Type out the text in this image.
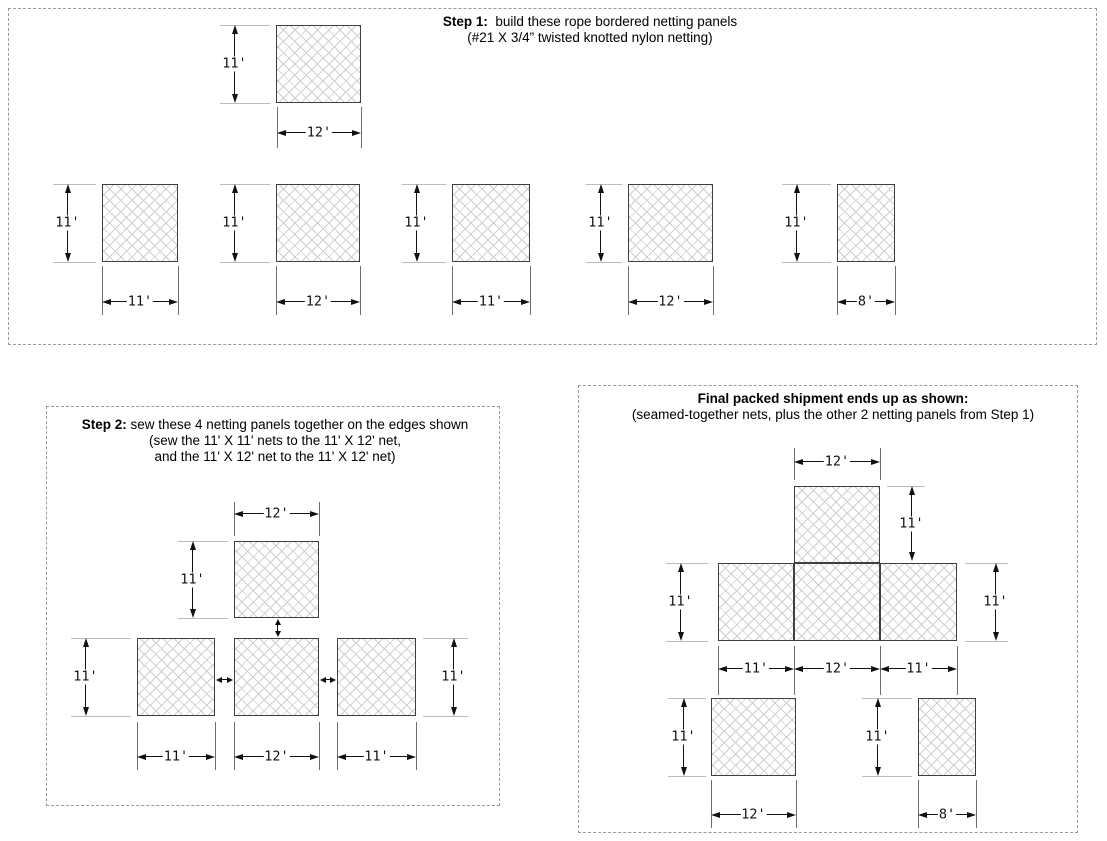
Step 1:  build these rope bordered netting panels
(#21 X 3/4” twisted knotted nylon netting)
Step 2: sew these 4 netting panels together on the edges shown
(sew the 11' X 11' nets to the 11' X 12' net,
and the 11' X 12' net to the 11' X 12' net)
Final packed shipment ends up as shown:
(seamed-together nets, plus the other 2 netting panels from Step 1)
11'
12'
11'
11'
11'
12'
11'
11'
11'
12'
11'
8'
12'
11'
11'	11'
11'	12'	11'
12'
11'
11'	11'
11'	12'	11'
11'
12'
11'
8'
